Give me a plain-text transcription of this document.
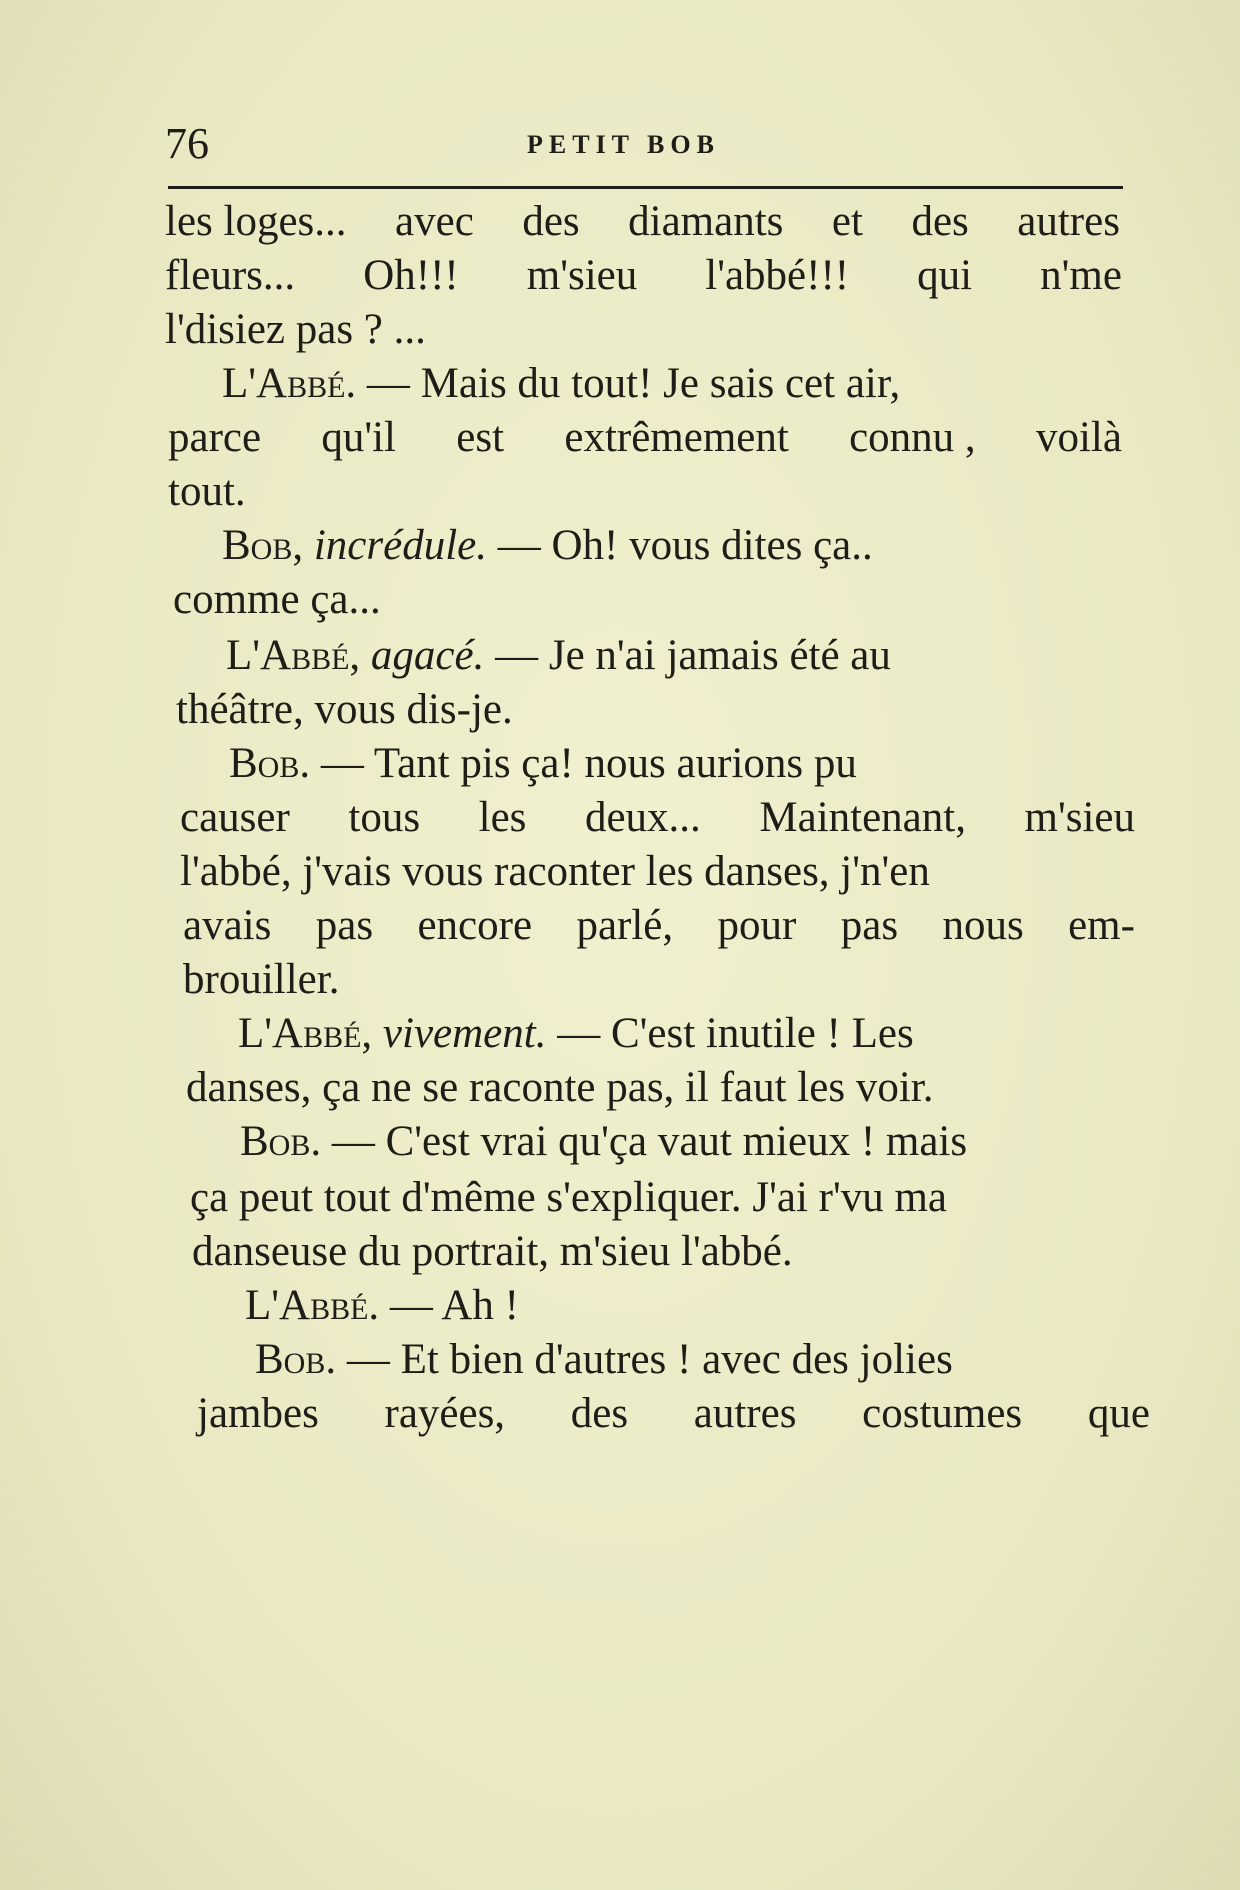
76	PETIT BOB
les loges... avec des diamants et des autres
fleurs... Oh!!! m'sieu l'abbé!!! qui n'me
l'disiez pas ? ...
L'Abbé.
— Mais du tout! Je sais cet air,
parce qu'il est extrêmement connu , voilà
tout.
Bob,
incrédule.
— Oh! vous dites ça..
comme ça...
L'Abbé,
agacé.
— Je n'ai jamais été au
théâtre, vous dis-je.
Bob.
— Tant pis ça! nous aurions pu
causer tous les deux... Maintenant, m'sieu
l'abbé, j'vais vous raconter les danses, j'n'en
avais pas encore parlé, pour pas nous em-
brouiller.
L'Abbé,
vivement.
— C'est inutile ! Les
danses, ça ne se raconte pas, il faut les voir.
Bob.
— C'est vrai qu'ça vaut mieux ! mais
ça peut tout d'même s'expliquer. J'ai r'vu ma
danseuse du portrait, m'sieu l'abbé.
L'Abbé.
— Ah !
Bob.
— Et bien d'autres ! avec des jolies
jambes rayées, des autres costumes que
